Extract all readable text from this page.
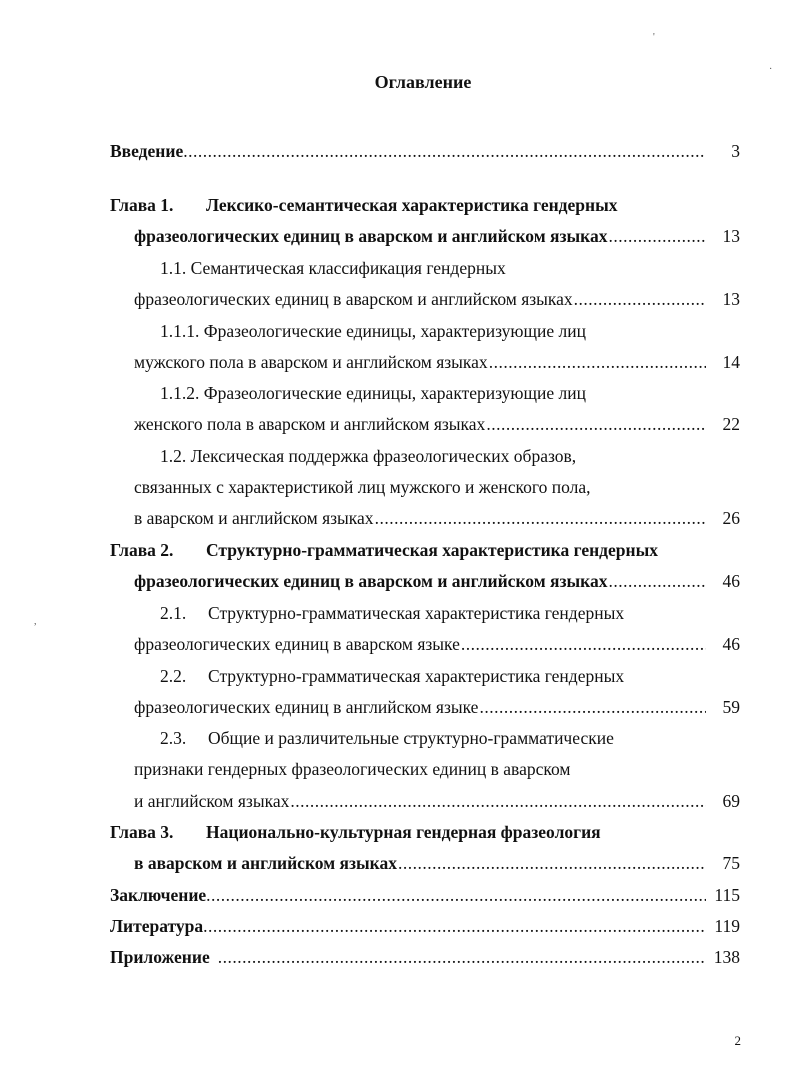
Оглавление
Введение .....	3
Глава 1. Лексико-семантическая характеристика гендерных
фразеологических единиц в аварском и английском языках .....	13
1.1. Семантическая классификация гендерных
фразеологических единиц в аварском и английском языках .....	13
1.1.1. Фразеологические единицы, характеризующие лиц
мужского пола в аварском и английском языках .....	14
1.1.2. Фразеологические единицы, характеризующие лиц
женского пола в аварском и английском языках .....	22
1.2. Лексическая поддержка фразеологических образов,
связанных с характеристикой лиц мужского и женского пола,
в аварском и английском языках .....	26
Глава 2. Структурно-грамматическая характеристика гендерных
фразеологических единиц в аварском и английском языках .....	46
2.1. Структурно-грамматическая характеристика гендерных
фразеологических единиц в аварском языке .....	46
2.2. Структурно-грамматическая характеристика гендерных
фразеологических единиц в английском языке .....	59
2.3. Общие и различительные структурно-грамматические
признаки гендерных фразеологических единиц в аварском
и английском языках .....	69
Глава 3. Национально-культурная гендерная фразеология
в аварском и английском языках .....	75
Заключение .....	115
Литература .....	119
Приложение .....	138
2
'
·
,
